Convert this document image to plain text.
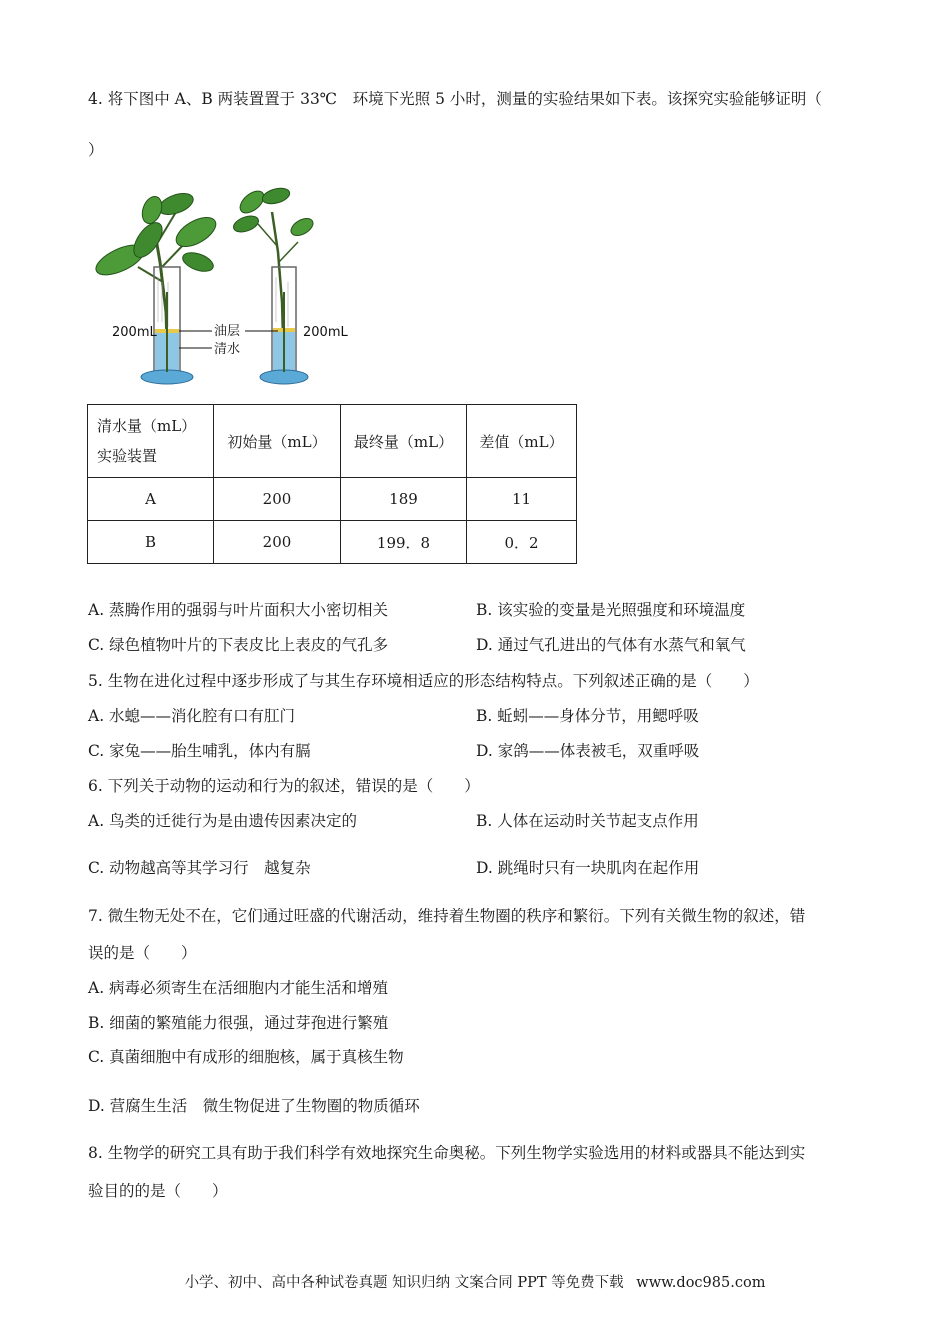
4. 将下图中 A、B 两装置置于 33℃　环境下光照 5 小时，测量的实验结果如下表。该探究实验能够证明（
）
200mL	200mL
油层
清水
清水量（mL）
实验装置	初始量（mL）	最终量（mL）	差值（mL）
A	200	189	11
B	200	199．8	0．2
A. 蒸腾作用的强弱与叶片面积大小密切相关	B. 该实验的变量是光照强度和环境温度
C. 绿色植物叶片的下表皮比上表皮的气孔多	D. 通过气孔进出的气体有水蒸气和氧气
5. 生物在进化过程中逐步形成了与其生存环境相适应的形态结构特点。下列叙述正确的是（　　）
A. 水螅——消化腔有口有肛门	B. 蚯蚓——身体分节，用鳃呼吸
C. 家兔——胎生哺乳，体内有膈	D. 家鸽——体表被毛，双重呼吸
6. 下列关于动物的运动和行为的叙述，错误的是（　　）
A. 鸟类的迁徙行为是由遗传因素决定的	B. 人体在运动时关节起支点作用
C. 动物越高等其学习行　越复杂	D. 跳绳时只有一块肌肉在起作用
7. 微生物无处不在，它们通过旺盛的代谢活动，维持着生物圈的秩序和繁衍。下列有关微生物的叙述，错
误的是（　　）
A. 病毒必须寄生在活细胞内才能生活和增殖
B. 细菌的繁殖能力很强，通过芽孢进行繁殖
C. 真菌细胞中有成形的细胞核，属于真核生物
D. 营腐生生活　微生物促进了生物圈的物质循环
8. 生物学的研究工具有助于我们科学有效地探究生命奥秘。下列生物学实验选用的材料或器具不能达到实
验目的的是（　　）
小学、初中、高中各种试卷真题 知识归纳 文案合同 PPT 等免费下载 www.doc985.com
